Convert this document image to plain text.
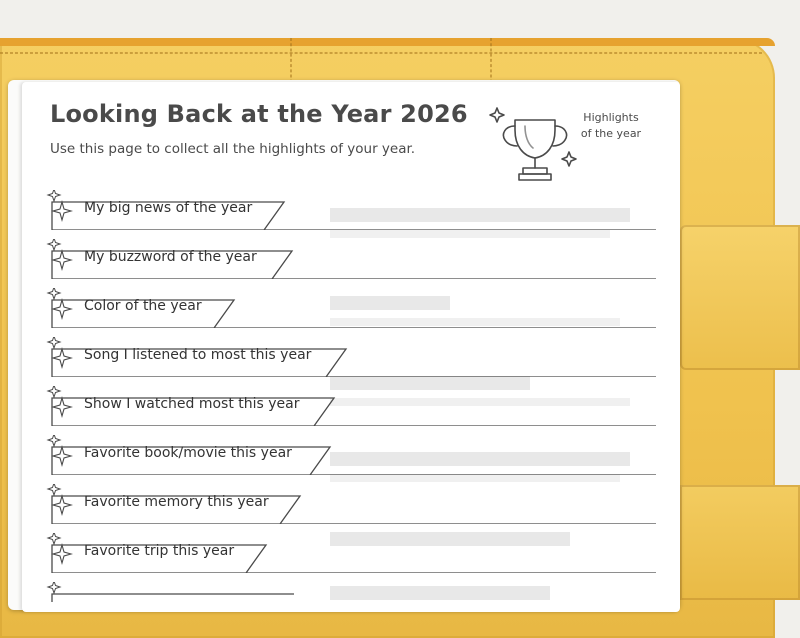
Looking Back at the Year 2026

Use this page to collect all the highlights of your year.

Highlights
of the year
My big news of the year
My buzzword of the year
Color of the year
Song I listened to most this year
Show I watched most this year
Favorite book/movie this year
Favorite memory this year
Favorite trip this year
